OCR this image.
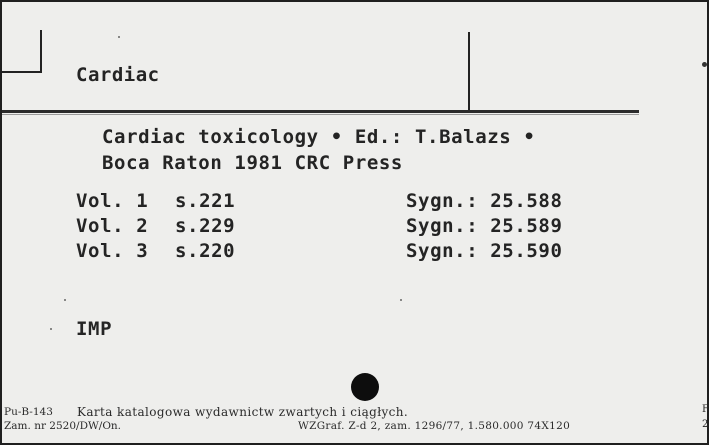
Cardiac
Cardiac toxicology • Ed.: T.Balazs •
Boca Raton 1981 CRC Press
Vol. 1 s.221	Sygn.: 25.588
Vol. 2 s.229	Sygn.: 25.589
Vol. 3 s.220	Sygn.: 25.590
IMP
Pu-B-143 Karta katalogowa wydawnictw zwartych i ciągłych.
Zam. nr 2520/DW/On.	WZGraf. Z-d 2, zam. 1296/77, 1.580.000 74X120
F
2
